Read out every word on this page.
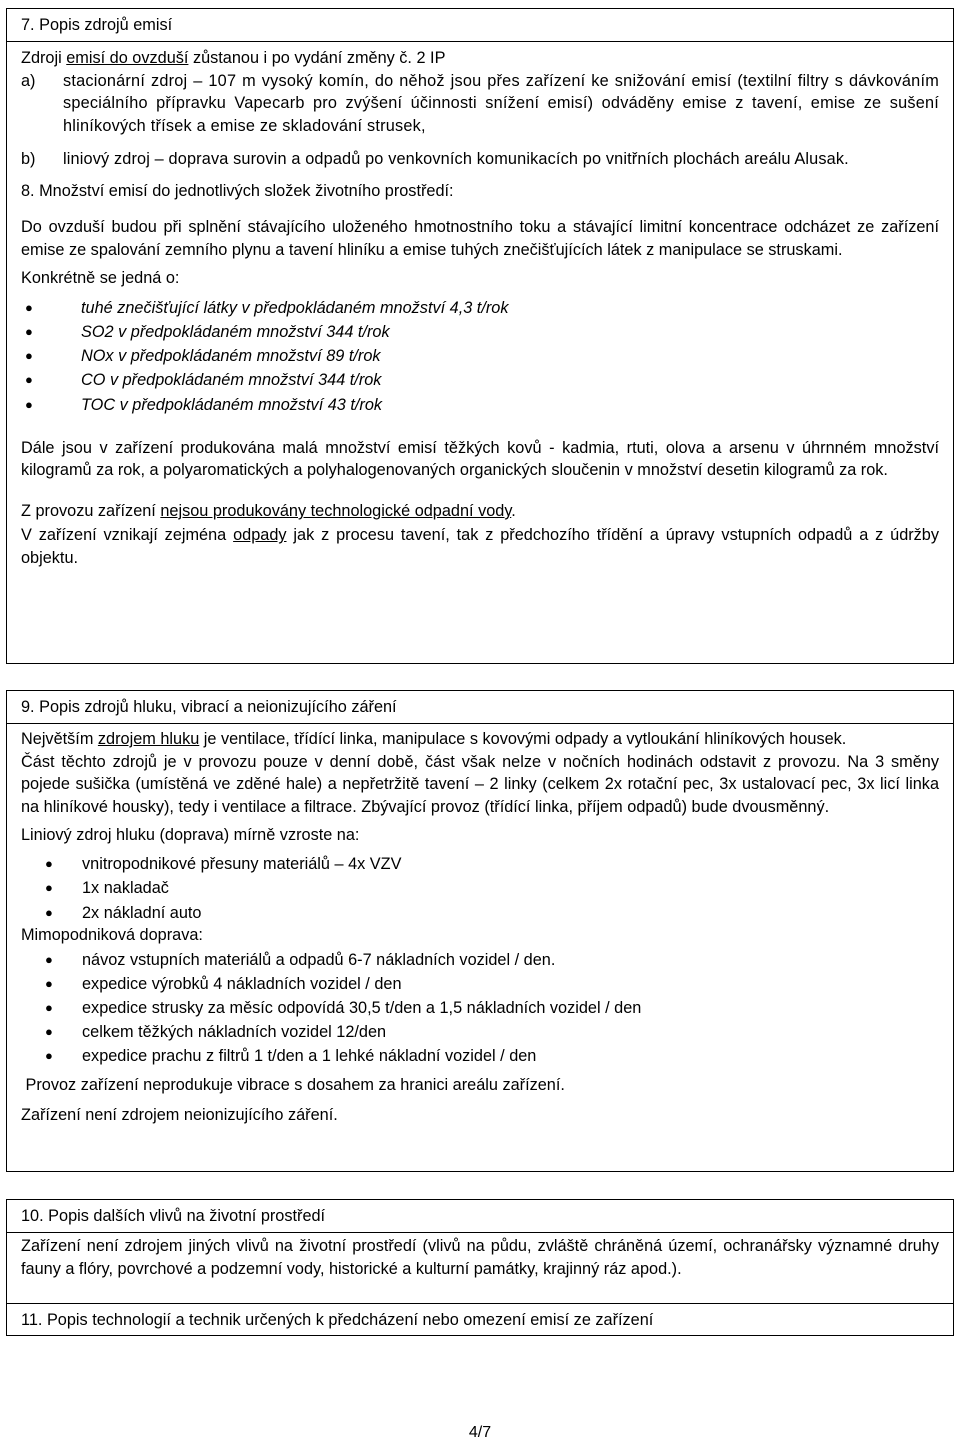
7. Popis zdrojů emisí

Zdroji emisí do ovzduší zůstanou i po vydání změny č. 2 IP

a)	stacionární zdroj – 107 m vysoký komín, do něhož jsou přes zařízení ke snižování emisí (textilní filtry s dávkováním speciálního přípravku Vapecarb pro zvýšení účinnosti snížení emisí) odváděny emise z tavení, emise ze sušení hliníkových třísek a emise ze skladování strusek,
b)	liniový zdroj – doprava surovin a odpadů po venkovních komunikacích po vnitřních plochách areálu Alusak.

8. Množství emisí do jednotlivých složek životního prostředí:

Do ovzduší budou při splnění stávajícího uloženého hmotnostního toku a stávající limitní koncentrace odcházet ze zařízení emise ze spalování zemního plynu a tavení hliníku a emise tuhých znečišťujících látek z manipulace se struskami.

Konkrétně se jedná o:

●	tuhé znečišťující látky v předpokládaném množství 4,3 t/rok
●	SO2 v předpokládaném množství 344 t/rok
●	NOx v předpokládaném množství 89 t/rok
●	CO v předpokládaném množství 344 t/rok
●	TOC v předpokládaném množství 43 t/rok

Dále jsou v zařízení produkována malá množství emisí těžkých kovů - kadmia, rtuti, olova a arsenu v úhrnném množství kilogramů za rok, a polyaromatických a polyhalogenovaných organických sloučenin v množství desetin kilogramů za rok.

Z provozu zařízení nejsou produkovány technologické odpadní vody.

V zařízení vznikají zejména odpady jak z procesu tavení, tak z předchozího třídění a úpravy vstupních odpadů a z údržby objektu.

9. Popis zdrojů hluku, vibrací a neionizujícího záření

Největším zdrojem hluku je ventilace, třídící linka, manipulace s kovovými odpady a vytloukání hliníkových housek.

Část těchto zdrojů je v provozu pouze v denní době, část však nelze v nočních hodinách odstavit z provozu. Na 3 směny pojede sušička (umístěná ve zděné hale) a nepřetržitě tavení – 2 linky (celkem 2x rotační pec, 3x ustalovací pec, 3x licí linka na hliníkové housky), tedy i ventilace a filtrace. Zbývající provoz (třídící linka, příjem odpadů) bude dvousměnný.

Liniový zdroj hluku (doprava) mírně vzroste na:

● vnitropodnikové přesuny materiálů – 4x VZV
● 1x nakladač
● 2x nákladní auto

Mimopodniková doprava:

● návoz vstupních materiálů a odpadů 6-7 nákladních vozidel / den.
● expedice výrobků 4 nákladních vozidel / den
● expedice strusky za měsíc odpovídá 30,5 t/den a 1,5 nákladních vozidel / den
● celkem těžkých nákladních vozidel 12/den
● expedice prachu z filtrů 1 t/den a 1 lehké nákladní vozidel / den

Provoz zařízení neprodukuje vibrace s dosahem za hranici areálu zařízení.

Zařízení není zdrojem neionizujícího záření.

10. Popis dalších vlivů na životní prostředí

Zařízení není zdrojem jiných vlivů na životní prostředí (vlivů na půdu, zvláště chráněná území, ochranářsky významné druhy fauny a flóry, povrchové a podzemní vody, historické a kulturní památky, krajinný ráz apod.).

11. Popis technologií a technik určených k předcházení nebo omezení emisí ze zařízení
4/7
